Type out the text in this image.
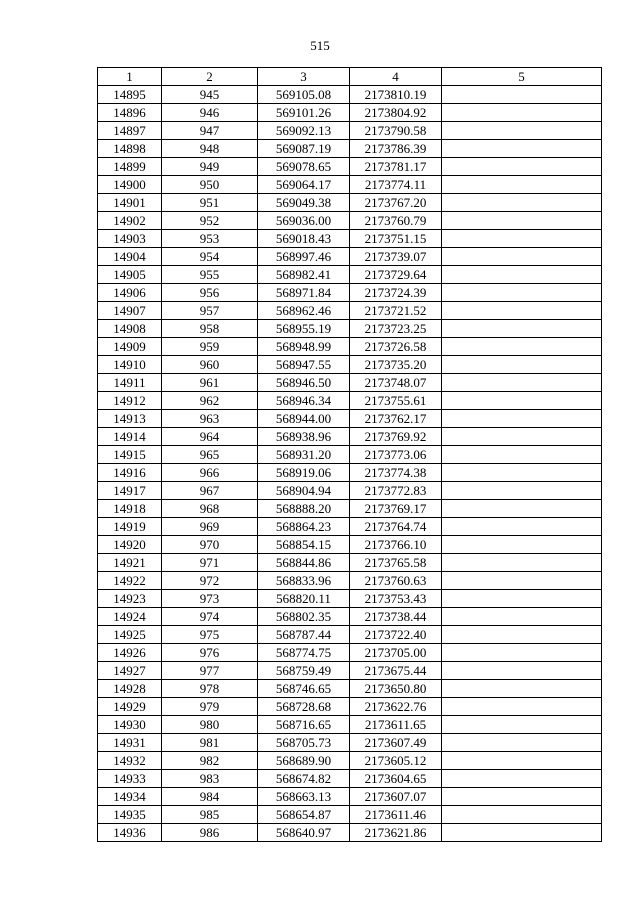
515
1	2	3	4	5
14895	945	569105.08	2173810.19	
14896	946	569101.26	2173804.92	
14897	947	569092.13	2173790.58	
14898	948	569087.19	2173786.39	
14899	949	569078.65	2173781.17	
14900	950	569064.17	2173774.11	
14901	951	569049.38	2173767.20	
14902	952	569036.00	2173760.79	
14903	953	569018.43	2173751.15	
14904	954	568997.46	2173739.07	
14905	955	568982.41	2173729.64	
14906	956	568971.84	2173724.39	
14907	957	568962.46	2173721.52	
14908	958	568955.19	2173723.25	
14909	959	568948.99	2173726.58	
14910	960	568947.55	2173735.20	
14911	961	568946.50	2173748.07	
14912	962	568946.34	2173755.61	
14913	963	568944.00	2173762.17	
14914	964	568938.96	2173769.92	
14915	965	568931.20	2173773.06	
14916	966	568919.06	2173774.38	
14917	967	568904.94	2173772.83	
14918	968	568888.20	2173769.17	
14919	969	568864.23	2173764.74	
14920	970	568854.15	2173766.10	
14921	971	568844.86	2173765.58	
14922	972	568833.96	2173760.63	
14923	973	568820.11	2173753.43	
14924	974	568802.35	2173738.44	
14925	975	568787.44	2173722.40	
14926	976	568774.75	2173705.00	
14927	977	568759.49	2173675.44	
14928	978	568746.65	2173650.80	
14929	979	568728.68	2173622.76	
14930	980	568716.65	2173611.65	
14931	981	568705.73	2173607.49	
14932	982	568689.90	2173605.12	
14933	983	568674.82	2173604.65	
14934	984	568663.13	2173607.07	
14935	985	568654.87	2173611.46	
14936	986	568640.97	2173621.86	
